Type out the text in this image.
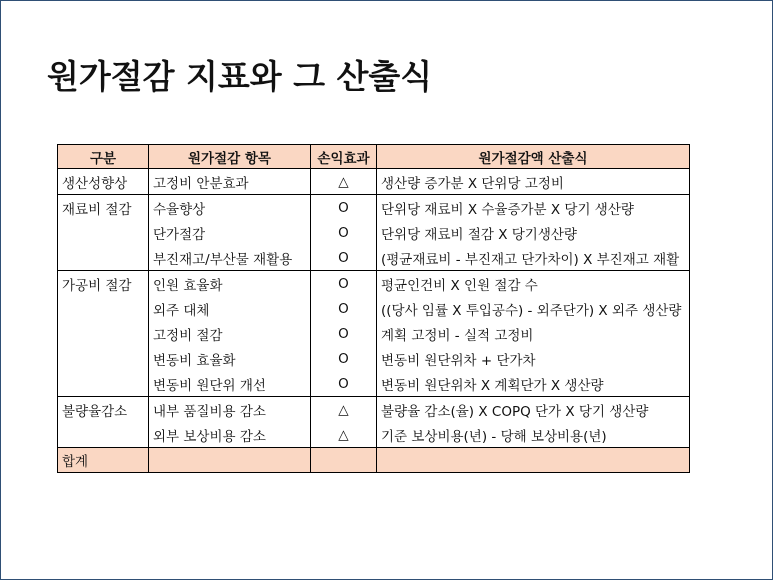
원가절감 지표와 그 산출식
구분	원가절감 항목	손익효과	원가절감액 산출식
생산성향상	고정비 안분효과	△	생산량 증가분 X 단위당 고정비
재료비 절감	수율향상	O	단위당 재료비 X 수율증가분 X 당기 생산량
	단가절감	O	단위당 재료비 절감 X 당기생산량
	부진재고/부산물 재활용	O	(평균재료비 - 부진재고 단가차이) X 부진재고 재활
가공비 절감	인원 효율화	O	평균인건비 X 인원 절감 수
	외주 대체	O	((당사 임률 X 투입공수) - 외주단가) X 외주 생산량
	고정비 절감	O	계획 고정비 - 실적 고정비
	변동비 효율화	O	변동비 원단위차 + 단가차
	변동비 원단위 개선	O	변동비 원단위차 X 계획단가 X 생산량
불량율감소	내부 품질비용 감소	△	불량율 감소(율) X COPQ 단가 X 당기 생산량
	외부 보상비용 감소	△	기준 보상비용(년) - 당해 보상비용(년)
합계			
